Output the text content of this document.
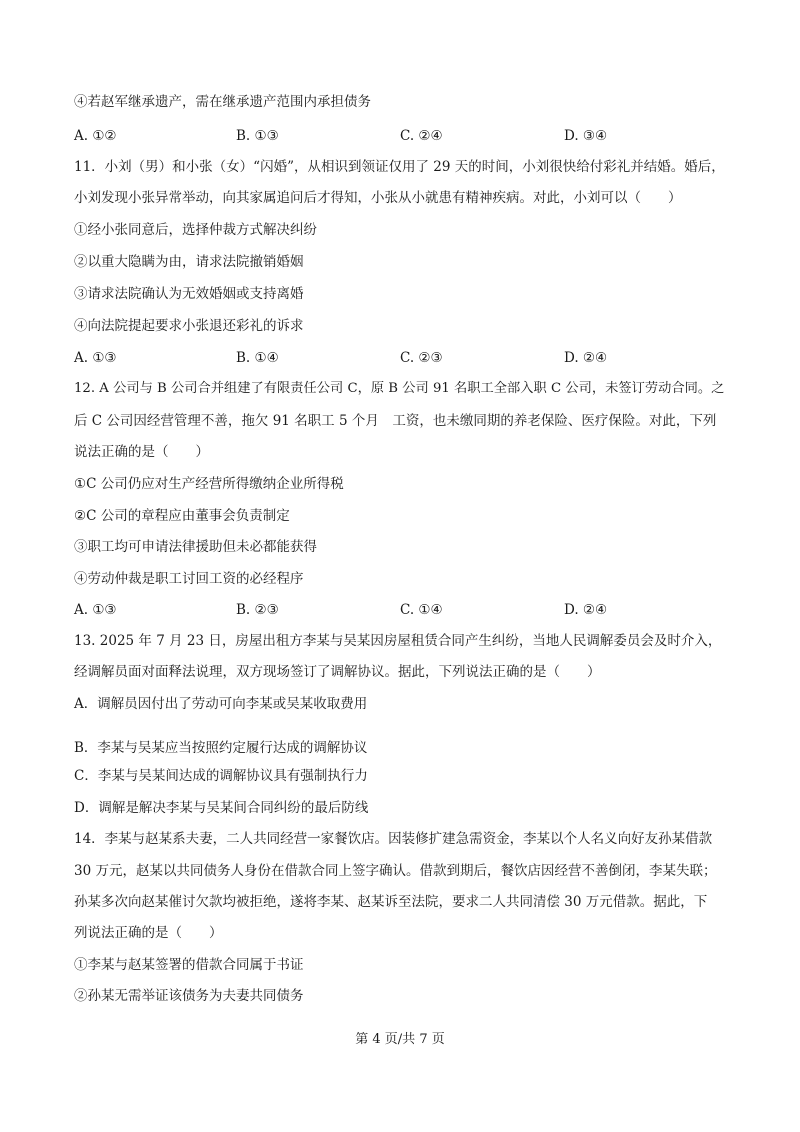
④若赵军继承遗产，需在继承遗产范围内承担债务
A. ①②	B. ①③	C. ②④	D. ③④
11．小刘（男）和小张（女）“闪婚”，从相识到领证仅用了 29 天的时间，小刘很快给付彩礼并结婚。婚后，
小刘发现小张异常举动，向其家属追问后才得知，小张从小就患有精神疾病。对此，小刘可以（　　）
①经小张同意后，选择仲裁方式解决纠纷
②以重大隐瞒为由，请求法院撤销婚姻
③请求法院确认为无效婚姻或支持离婚
④向法院提起要求小张退还彩礼的诉求
A. ①③	B. ①④	C. ②③	D. ②④
12. A 公司与 B 公司合并组建了有限责任公司 C，原 B 公司 91 名职工全部入职 C 公司，未签订劳动合同。之
后 C 公司因经营管理不善，拖欠 91 名职工 5 个月　工资，也未缴同期的养老保险、医疗保险。对此，下列
说法正确的是（　　）
①C 公司仍应对生产经营所得缴纳企业所得税
②C 公司的章程应由董事会负责制定
③职工均可申请法律援助但未必都能获得
④劳动仲裁是职工讨回工资的必经程序
A. ①③	B. ②③	C. ①④	D. ②④
13. 2025 年 7 月 23 日，房屋出租方李某与吴某因房屋租赁合同产生纠纷，当地人民调解委员会及时介入，
经调解员面对面释法说理，双方现场签订了调解协议。据此，下列说法正确的是（　　）
A．调解员因付出了劳动可向李某或吴某收取费用
B．李某与吴某应当按照约定履行达成的调解协议
C．李某与吴某间达成的调解协议具有强制执行力
D．调解是解决李某与吴某间合同纠纷的最后防线
14．李某与赵某系夫妻，二人共同经营一家餐饮店。因装修扩建急需资金，李某以个人名义向好友孙某借款
30 万元，赵某以共同债务人身份在借款合同上签字确认。借款到期后，餐饮店因经营不善倒闭，李某失联；
孙某多次向赵某催讨欠款均被拒绝，遂将李某、赵某诉至法院，要求二人共同清偿 30 万元借款。据此，下
列说法正确的是（　　）
①李某与赵某签署的借款合同属于书证
②孙某无需举证该债务为夫妻共同债务
第 4 页/共 7 页
